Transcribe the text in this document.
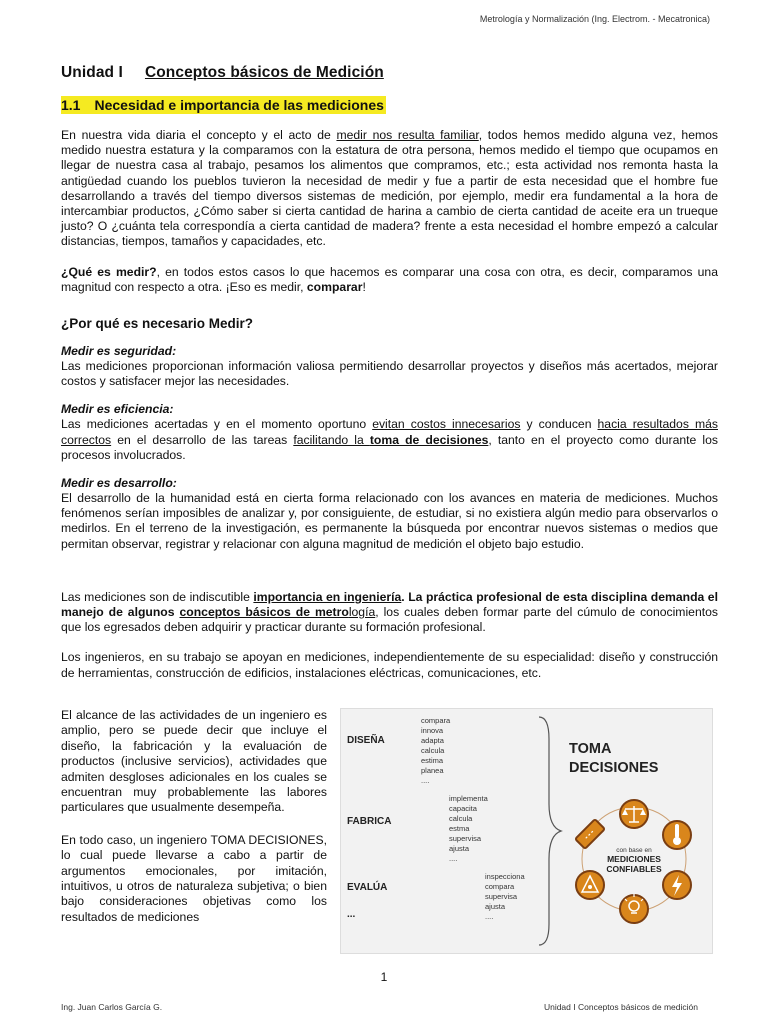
Metrología y Normalización (Ing. Electrom. - Mecatronica)
Unidad I Conceptos básicos de Medición
1.1 Necesidad e importancia de las mediciones

En nuestra vida diaria el concepto y el acto de medir nos resulta familiar, todos hemos medido alguna vez, hemos medido nuestra estatura y la comparamos con la estatura de otra persona, hemos medido el tiempo que ocupamos en llegar de nuestra casa al trabajo, pesamos los alimentos que compramos, etc.; esta actividad nos remonta hasta la antigüedad cuando los pueblos tuvieron la necesidad de medir y fue a partir de esta necesidad que el hombre fue desarrollando a través del tiempo diversos sistemas de medición, por ejemplo, medir era fundamental a la hora de intercambiar productos, ¿Cómo saber si cierta cantidad de harina a cambio de cierta cantidad de aceite era un trueque justo? O ¿cuánta tela correspondía a cierta cantidad de madera? frente a esta necesidad el hombre empezó a calcular distancias, tiempos, tamaños y capacidades, etc.

¿Qué es medir?, en todos estos casos lo que hacemos es comparar una cosa con otra, es decir, comparamos una magnitud con respecto a otra. ¡Eso es medir, comparar!

¿Por qué es necesario Medir?
Medir es seguridad:

Las mediciones proporcionan información valiosa permitiendo desarrollar proyectos y diseños más acertados, mejorar costos y satisfacer mejor las necesidades.

Medir es eficiencia:

Las mediciones acertadas y en el momento oportuno evitan costos innecesarios y conducen hacia resultados más correctos en el desarrollo de las tareas facilitando la toma de decisiones, tanto en el proyecto como durante los procesos involucrados.

Medir es desarrollo:

El desarrollo de la humanidad está en cierta forma relacionado con los avances en materia de mediciones. Muchos fenómenos serían imposibles de analizar y, por consiguiente, de estudiar, si no existiera algún medio para observarlos o medirlos. En el terreno de la investigación, es permanente la búsqueda por encontrar nuevos sistemas o medios que permitan observar, registrar y relacionar con alguna magnitud de medición el objeto bajo estudio.

Las mediciones son de indiscutible importancia en ingeniería. La práctica profesional de esta disciplina demanda el manejo de algunos conceptos básicos de metrología, los cuales deben formar parte del cúmulo de conocimientos que los egresados deben adquirir y practicar durante su formación profesional.

Los ingenieros, en su trabajo se apoyan en mediciones, independientemente de su especialidad: diseño y construcción de herramientas, construcción de edificios, instalaciones eléctricas, comunicaciones, etc.

El alcance de las actividades de un ingeniero es amplio, pero se puede decir que incluye el diseño, la fabricación y la evaluación de productos (inclusive servicios), actividades que admiten desgloses adicionales en los cuales se encuentran muy probablemente las labores particulares que usualmente desempeña.

En todo caso, un ingeniero TOMA DECISIONES, lo cual puede llevarse a cabo a partir de argumentos emocionales, por imitación, intuitivos, u otros de naturaleza subjetiva; o bien bajo consideraciones objetivas como los resultados de mediciones

DISEÑA
compara
innova
adapta
calcula
estima
planea
....
FABRICA
implementa
capacita
calcula
estma
supervisa
ajusta
....
EVALÚA
...
inspecciona
compara
supervisa
ajusta
....
TOMA
DECISIONES
con base en
MEDICIONES
CONFIABLES
1
Ing. Juan Carlos García G.	Unidad I Conceptos básicos de medición
